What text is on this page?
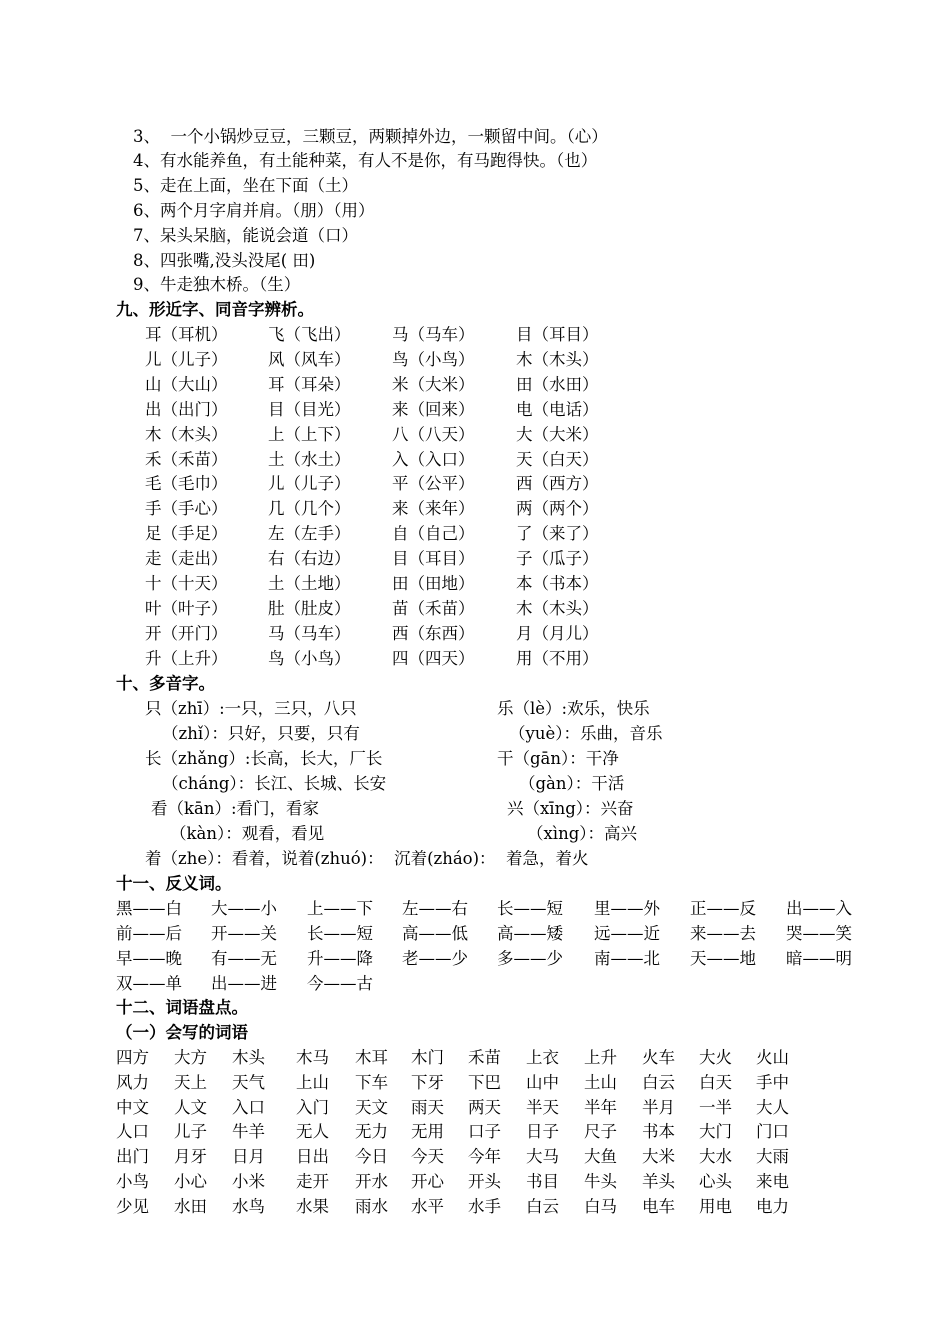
3、  一个小锅炒豆豆，三颗豆，两颗掉外边，一颗留中间。（心）
4、有水能养鱼，有土能种菜，有人不是你，有马跑得快。（也）
5、走在上面，坐在下面（土）
6、两个月字肩并肩。（朋）（用）
7、呆头呆脑，能说会道（口）
8、四张嘴,没头没尾( 田)
9、牛走独木桥。（生）
九、形近字、同音字辨析。
耳（耳机） 飞（飞出）	马（马车）	目（耳目）
儿（儿子） 风（风车）	鸟（小鸟）	木（木头）
山（大山） 耳（耳朵）	米（大米）	田（水田）
出（出门） 目（目光）	来（回来）	电（电话）
木（木头） 上（上下）	八（八天）	大（大米）
禾（禾苗） 土（水土）	入（入口）	天（白天）
毛（毛巾） 儿（儿子）	平（公平）	西（西方）
手（手心） 几（几个）	来（来年）	两（两个）
足（手足） 左（左手）	自（自己）	了（来了）
走（走出） 右（右边）	目（耳目）	子（瓜子）
十（十天） 土（土地）	田（田地）	本（书本）
叶（叶子） 肚（肚皮）	苗（禾苗）	木（木头）
开（开门） 马（马车）	西（东西）	月（月儿）
升（上升） 鸟（小鸟）	四（四天）	用（不用）
十、多音字。
只（zhī）:一只，三只，八只	乐（lè）:欢乐，快乐
（zhǐ）：只好，只要，只有	（yuè）：乐曲，音乐
长（zhǎng）:长高，长大，厂长	干（gān）：干净
（cháng）：长江、长城、长安	（gàn）：干活
看（kān）:看门，看家	兴（xīng）：兴奋
（kàn）：观看，看见	（xìng）：高兴
着（zhe）：看着，说着(zhuó)：  沉着(zháo)：  着急，着火
十一、反义词。
黑——白 大——小 上——下 左——右 长——短 里——外 正——反 出——入
前——后 开——关 长——短 高——低 高——矮 远——近 来——去 哭——笑
早——晚 有——无 升——降 老——少 多——少 南——北 天——地 暗——明
双——单 出——进 今——古
十二、词语盘点。
（一）会写的词语
四方 大方 木头 木马 木耳 木门 禾苗 上衣 上升 火车 大火 火山
风力 天上 天气 上山 下车 下牙 下巴 山中 土山 白云 白天 手中
中文 人文 入口 入门 天文 雨天 两天 半天 半年 半月 一半 大人
人口 儿子 牛羊 无人 无力 无用 口子 日子 尺子 书本 大门 门口
出门 月牙 日月 日出 今日 今天 今年 大马 大鱼 大米 大水 大雨
小鸟 小心 小米 走开 开水 开心 开头 书目 牛头 羊头 心头 来电
少见 水田 水鸟 水果 雨水 水平 水手 白云 白马 电车 用电 电力
